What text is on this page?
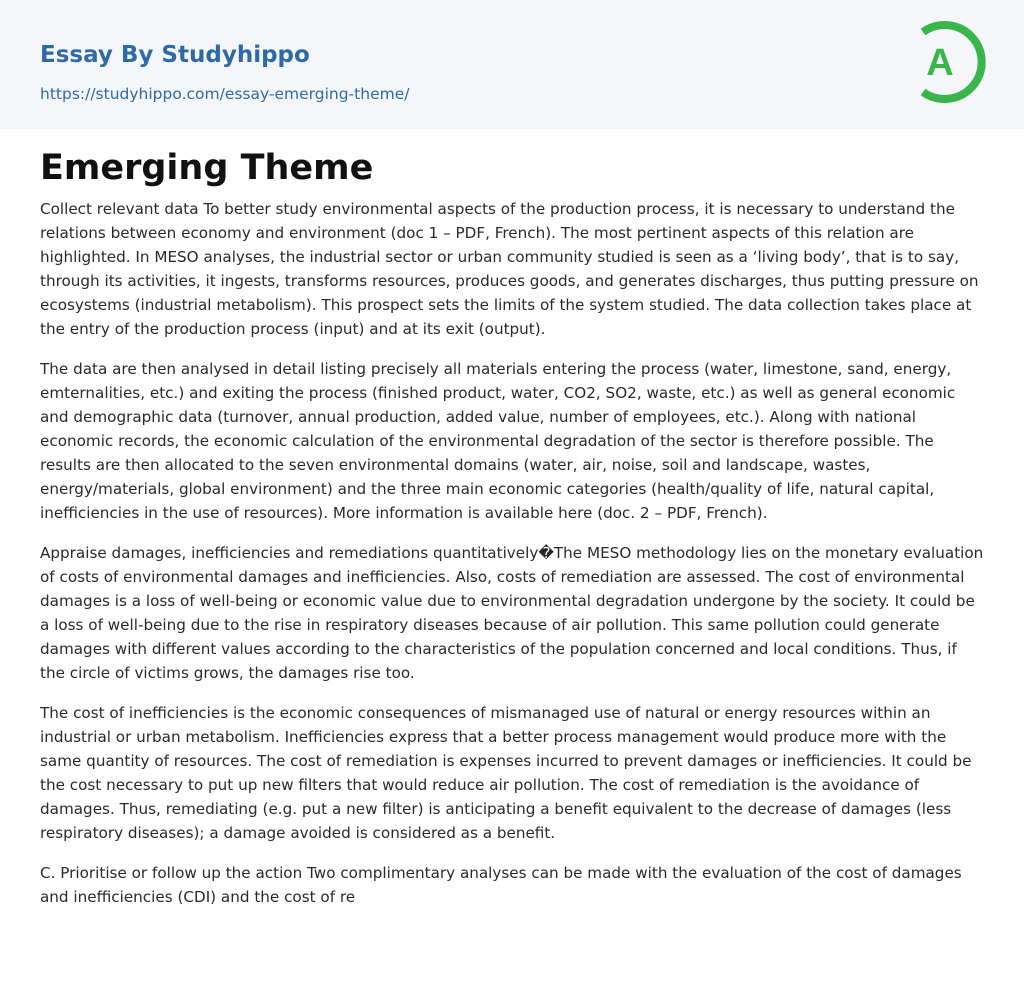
Essay By Studyhippo
https://studyhippo.com/essay-emerging-theme/
A
Emerging Theme

Collect relevant data To better study environmental aspects of the production process, it is necessary to understand the relations between economy and environment (doc 1 – PDF, French). The most pertinent aspects of this relation are highlighted. In MESO analyses, the industrial sector or urban community studied is seen as a ‘living body’, that is to say, through its activities, it ingests, transforms resources, produces goods, and generates discharges, thus putting pressure on ecosystems (industrial metabolism). This prospect sets the limits of the system studied. The data collection takes place at the entry of the production process (input) and at its exit (output).

The data are then analysed in detail listing precisely all materials entering the process (water, limestone, sand, energy, emternalities, etc.) and exiting the process (finished product, water, CO2, SO2, waste, etc.) as well as general economic and demographic data (turnover, annual production, added value, number of employees, etc.). Along with national economic records, the economic calculation of the environmental degradation of the sector is therefore possible. The results are then allocated to the seven environmental domains (water, air, noise, soil and landscape, wastes, energy/materials, global environment) and the three main economic categories (health/quality of life, natural capital, inefficiencies in the use of resources). More information is available here (doc. 2 – PDF, French).

Appraise damages, inefficiencies and remediations quantitatively�The MESO methodology lies on the monetary evaluation of costs of environmental damages and inefficiencies. Also, costs of remediation are assessed. The cost of environmental damages is a loss of well-being or economic value due to environmental degradation undergone by the society. It could be a loss of well-being due to the rise in respiratory diseases because of air pollution. This same pollution could generate damages with different values according to the characteristics of the population concerned and local conditions. Thus, if the circle of victims grows, the damages rise too.

The cost of inefficiencies is the economic consequences of mismanaged use of natural or energy resources within an industrial or urban metabolism. Inefficiencies express that a better process management would produce more with the same quantity of resources. The cost of remediation is expenses incurred to prevent damages or inefficiencies. It could be the cost necessary to put up new filters that would reduce air pollution. The cost of remediation is the avoidance of damages. Thus, remediating (e.g. put a new filter) is anticipating a benefit equivalent to the decrease of damages (less respiratory diseases); a damage avoided is considered as a benefit.

C. Prioritise or follow up the action Two complimentary analyses can be made with the evaluation of the cost of damages and inefficiencies (CDI) and the cost of re
